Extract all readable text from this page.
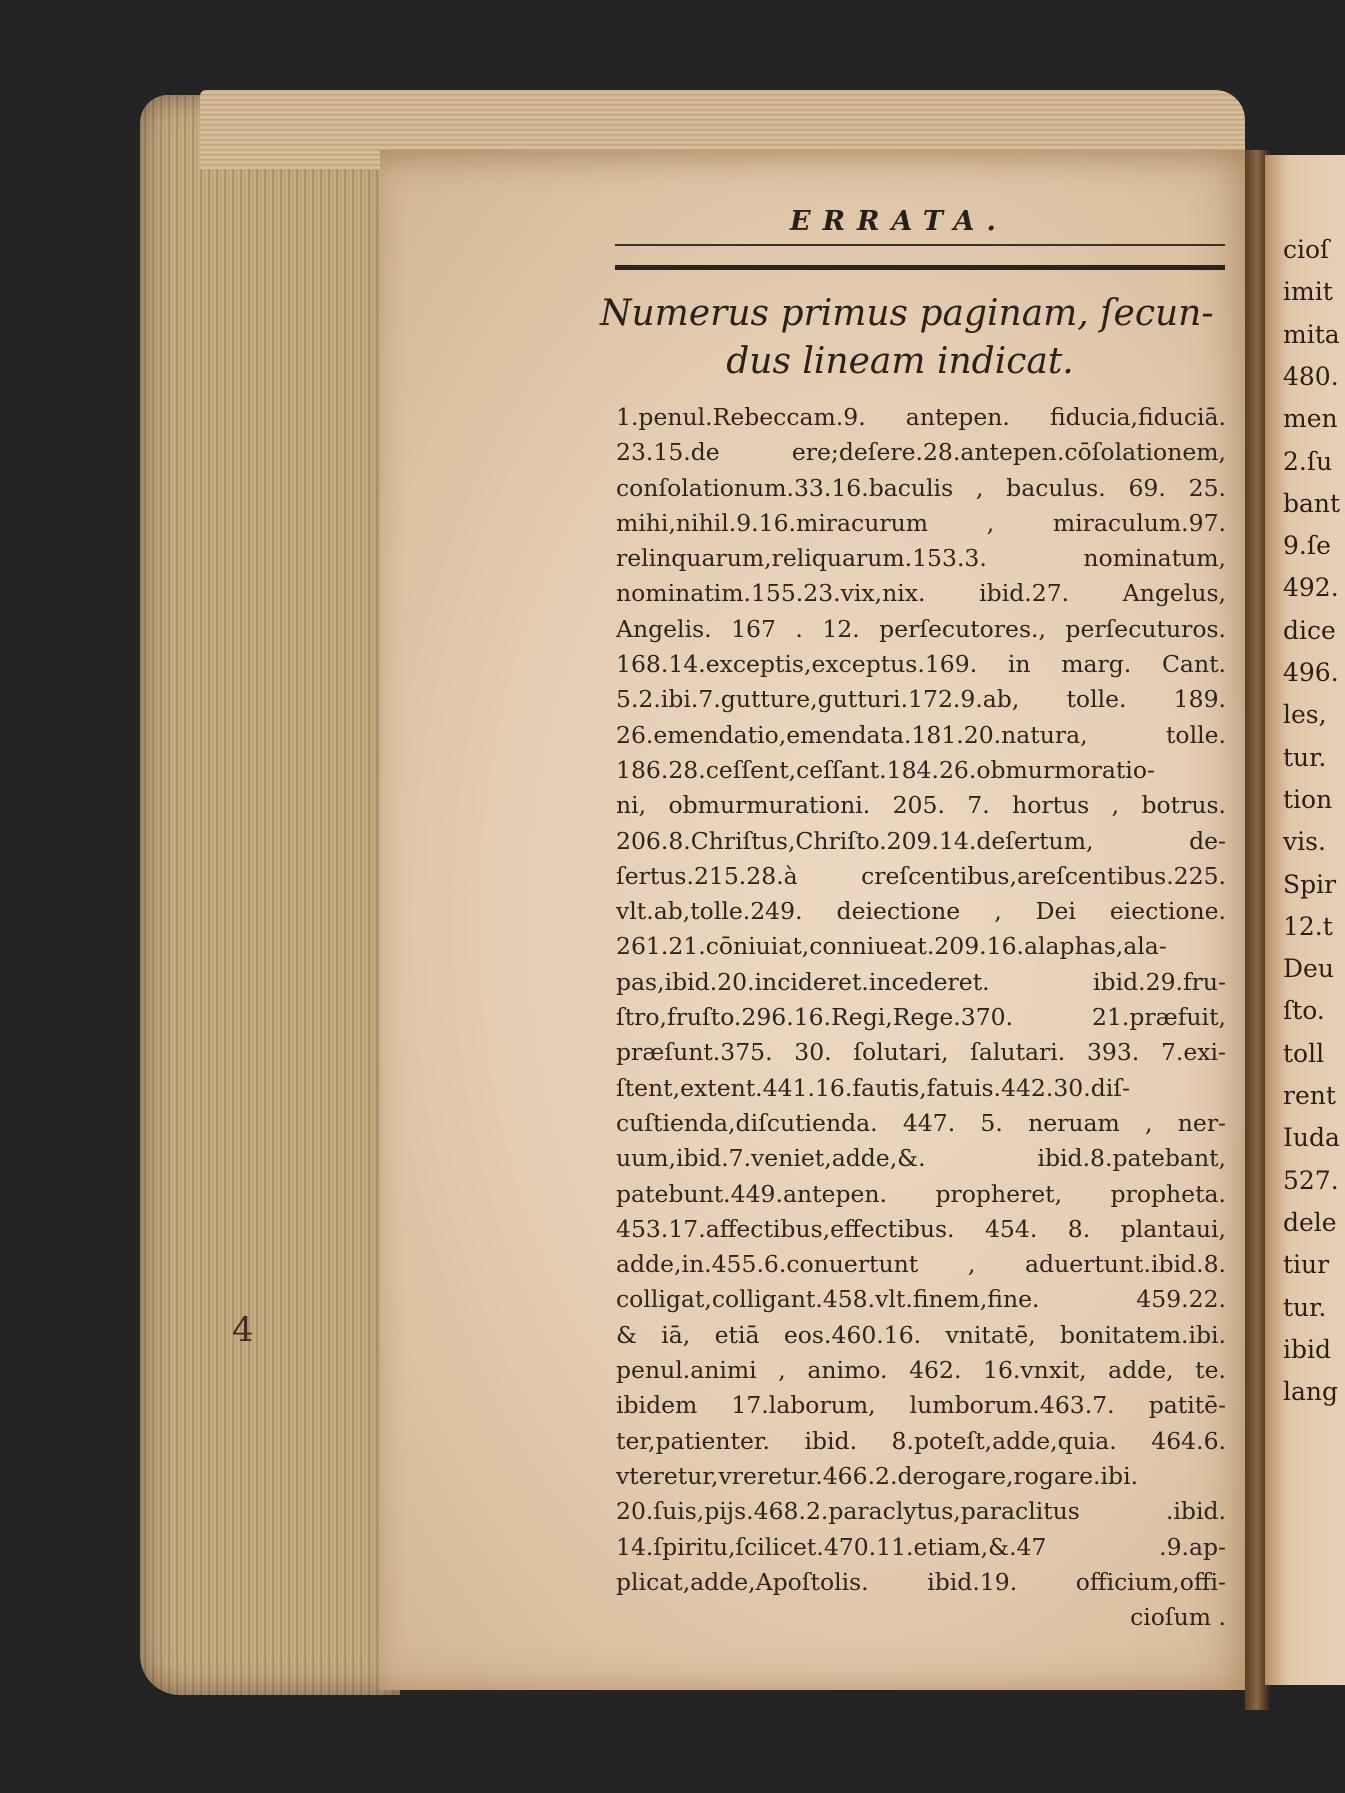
4
cioſ
imit
mita
480.
men
2.ſu
bant
9.ſe
492.
dice
496.
les,
tur.
tion
vis.
Spir
12.t
Deu
ſto.
toll
rent
Iuda
527.
dele
tiur
tur.
ibid
lang
ERRATA.
Numerus primus paginam, ſecun-
dus lineam indicat.
1.penul.Rebeccam.9. antepen. fiducia,fiduciā.
23.15.de ere;deſere.28.antepen.cōſolationem,
conſolationum.33.16.baculis , baculus. 69. 25.
mihi,nihil.9.16.miracurum , miraculum.97.
relinquarum,reliquarum.153.3. nominatum,
nominatim.155.23.vix,nix. ibid.27. Angelus,
Angelis. 167 . 12. perſecutores., perſecuturos.
168.14.exceptis,exceptus.169. in marg. Cant.
5.2.ibi.7.gutture,gutturi.172.9.ab, tolle. 189.
26.emendatio,emendata.181.20.natura, tolle.
186.28.ceſſent,ceſſant.184.26.obmurmoratio-
ni, obmurmurationi. 205. 7. hortus , botrus.
206.8.Chriſtus,Chriſto.209.14.deſertum, de-
ſertus.215.28.à creſcentibus,areſcentibus.225.
vlt.ab,tolle.249. deiectione , Dei eiectione.
261.21.cōniuiat,conniueat.209.16.alaphas,ala-
pas,ibid.20.incideret.incederet. ibid.29.fru-
ſtro,fruſto.296.16.Regi,Rege.370. 21.præfuit,
præſunt.375. 30. ſolutari, ſalutari. 393. 7.exi-
ſtent,extent.441.16.fautis,fatuis.442.30.diſ-
cuſtienda,diſcutienda. 447. 5. neruam , ner-
uum,ibid.7.veniet,adde,&. ibid.8.patebant,
patebunt.449.antepen. propheret, propheta.
453.17.affectibus,effectibus. 454. 8. plantaui,
adde,in.455.6.conuertunt , aduertunt.ibid.8.
colligat,colligant.458.vlt.finem,fine. 459.22.
& iā, etiā eos.460.16. vnitatē, bonitatem.ibi.
penul.animi , animo. 462. 16.vnxit, adde, te.
ibidem 17.laborum, lumborum.463.7. patitē-
ter,patienter. ibid. 8.poteſt,adde,quia. 464.6.
vteretur,vreretur.466.2.derogare,rogare.ibi.
20.ſuis,pijs.468.2.paraclytus,paraclitus .ibid.
14.ſpiritu,ſcilicet.470.11.etiam,&.47 .9.ap-
plicat,adde,Apoſtolis. ibid.19. officium,offi-
cioſum .
